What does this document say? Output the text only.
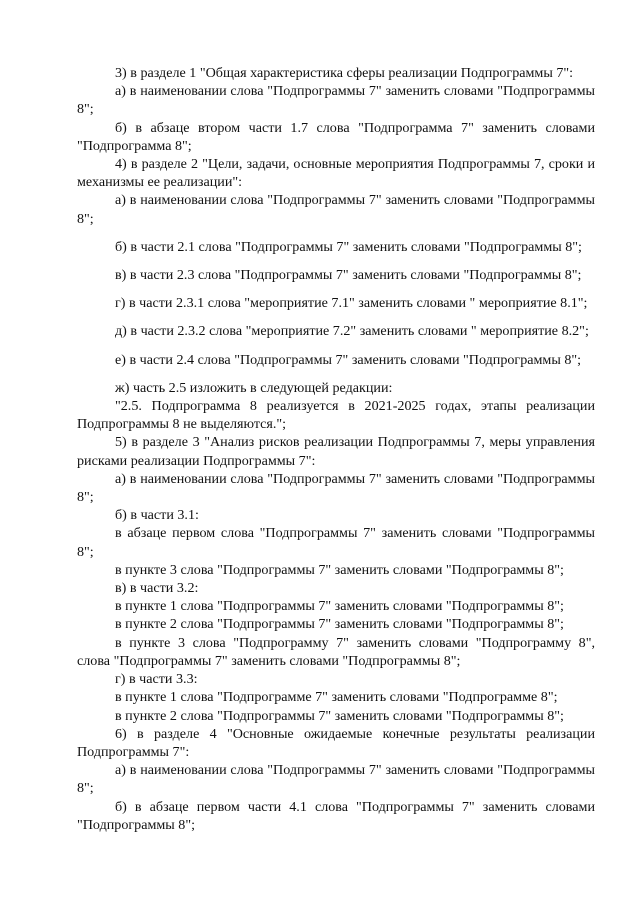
3) в разделе 1 "Общая характеристика сферы реализации Подпрограммы 7":

а) в наименовании слова "Подпрограммы 7" заменить словами "Подпрограммы 8";

б) в абзаце втором части 1.7 слова "Подпрограмма 7" заменить словами "Подпрограмма 8";

4) в разделе 2 "Цели, задачи, основные мероприятия Подпрограммы 7, сроки и механизмы ее реализации":

а) в наименовании слова "Подпрограммы 7" заменить словами "Подпрограммы 8";

б) в части 2.1 слова "Подпрограммы 7" заменить словами "Подпрограммы 8";

в) в части 2.3 слова "Подпрограммы 7" заменить словами "Подпрограммы 8";

г) в части 2.3.1 слова "мероприятие 7.1" заменить словами " мероприятие 8.1";

д) в части 2.3.2 слова "мероприятие 7.2" заменить словами " мероприятие 8.2";

е) в части 2.4 слова "Подпрограммы 7" заменить словами "Подпрограммы 8";

ж) часть 2.5 изложить в следующей редакции:

"2.5. Подпрограмма 8 реализуется в 2021-2025 годах, этапы реализации Подпрограммы 8 не выделяются.";

5) в разделе 3 "Анализ рисков реализации Подпрограммы 7, меры управления рисками реализации Подпрограммы 7":

а) в наименовании слова "Подпрограммы 7" заменить словами "Подпрограммы 8";

б) в части 3.1:

в абзаце первом слова "Подпрограммы 7" заменить словами "Подпрограммы 8";

в пункте 3 слова "Подпрограммы 7" заменить словами "Подпрограммы 8";

в) в части 3.2:

в пункте 1 слова "Подпрограммы 7" заменить словами "Подпрограммы 8";

в пункте 2 слова "Подпрограммы 7" заменить словами "Подпрограммы 8";

в пункте 3 слова "Подпрограмму 7" заменить словами "Подпрограмму 8", слова "Подпрограммы 7" заменить словами "Подпрограммы 8";

г) в части 3.3:

в пункте 1 слова "Подпрограмме 7" заменить словами "Подпрограмме 8";

в пункте 2 слова "Подпрограммы 7" заменить словами "Подпрограммы 8";

6) в разделе 4 "Основные ожидаемые конечные результаты реализации Подпрограммы 7":

а) в наименовании слова "Подпрограммы 7" заменить словами "Подпрограммы 8";

б) в абзаце первом части 4.1 слова "Подпрограммы 7" заменить словами "Подпрограммы 8";
